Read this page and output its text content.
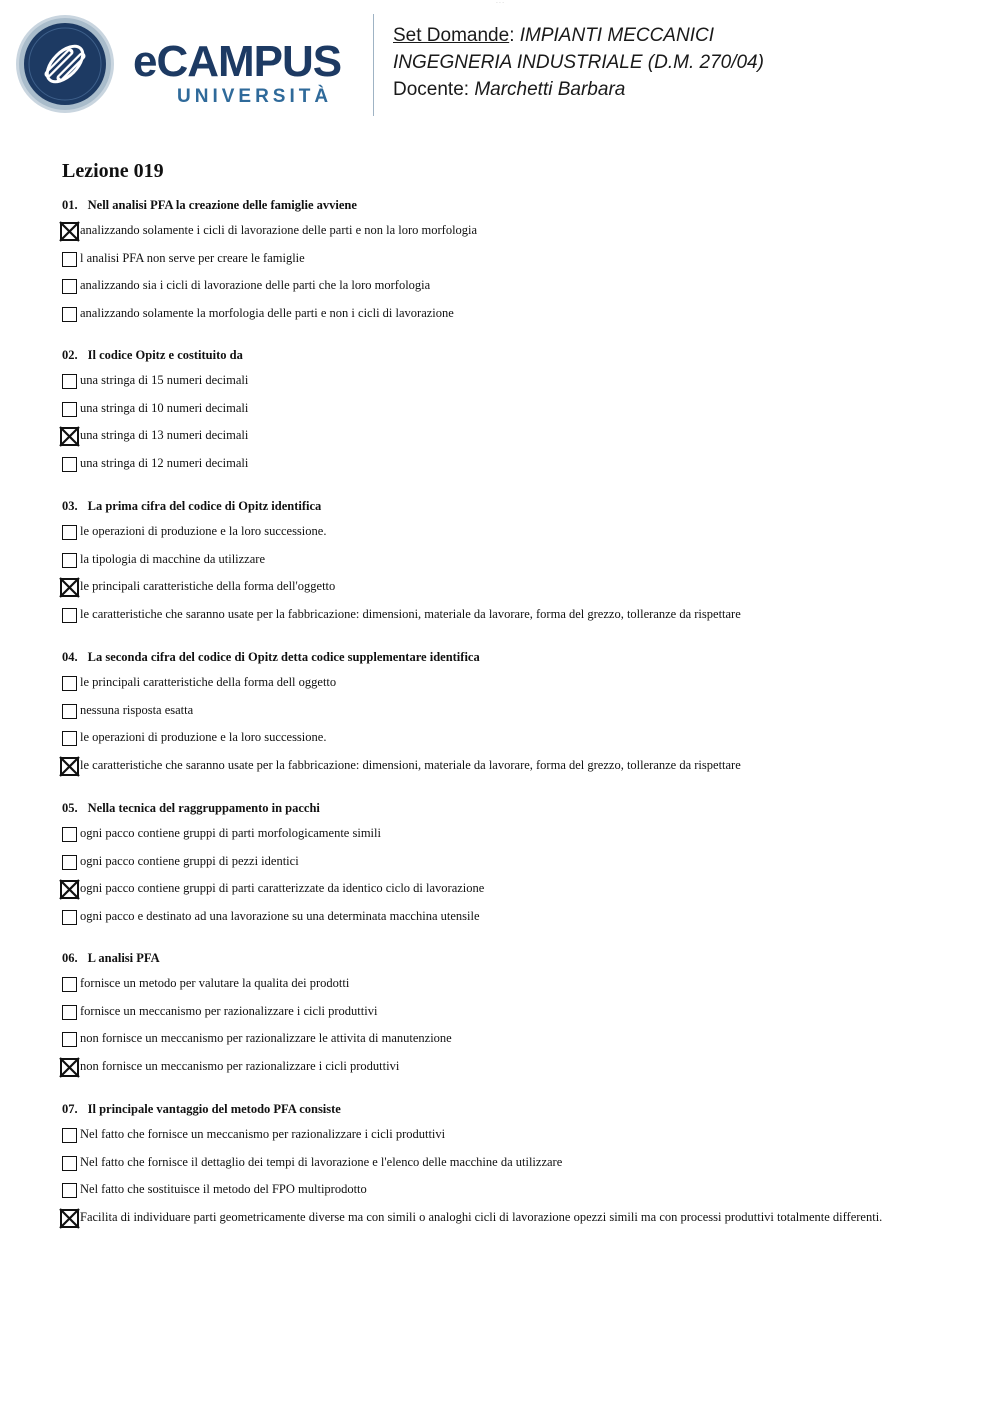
· · ·
eCAMPUS
UNIVERSITÀ
Set Domande: IMPIANTI MECCANICI
INGEGNERIA INDUSTRIALE (D.M. 270/04)
Docente: Marchetti Barbara
Lezione 019
01. Nell analisi PFA la creazione delle famiglie avviene
analizzando solamente i cicli di lavorazione delle parti e non la loro morfologia
l analisi PFA non serve per creare le famiglie
analizzando sia i cicli di lavorazione delle parti che la loro morfologia
analizzando solamente la morfologia delle parti e non i cicli di lavorazione
02. Il codice Opitz e costituito da
una stringa di 15 numeri decimali
una stringa di 10 numeri decimali
una stringa di 13 numeri decimali
una stringa di 12 numeri decimali
03. La prima cifra del codice di Opitz identifica
le operazioni di produzione e la loro successione.
la tipologia di macchine da utilizzare
le principali caratteristiche della forma dell'oggetto
le caratteristiche che saranno usate per la fabbricazione: dimensioni, materiale da lavorare, forma del grezzo, tolleranze da rispettare
04. La seconda cifra del codice di Opitz detta codice supplementare identifica
le principali caratteristiche della forma dell oggetto
nessuna risposta esatta
le operazioni di produzione e la loro successione.
le caratteristiche che saranno usate per la fabbricazione: dimensioni, materiale da lavorare, forma del grezzo, tolleranze da rispettare
05. Nella tecnica del raggruppamento in pacchi
ogni pacco contiene gruppi di parti morfologicamente simili
ogni pacco contiene gruppi di pezzi identici
ogni pacco contiene gruppi di parti caratterizzate da identico ciclo di lavorazione
ogni pacco e destinato ad una lavorazione su una determinata macchina utensile
06. L analisi PFA
fornisce un metodo per valutare la qualita dei prodotti
fornisce un meccanismo per razionalizzare i cicli produttivi
non fornisce un meccanismo per razionalizzare le attivita di manutenzione
non fornisce un meccanismo per razionalizzare i cicli produttivi
07. Il principale vantaggio del metodo PFA consiste
Nel fatto che fornisce un meccanismo per razionalizzare i cicli produttivi
Nel fatto che fornisce il dettaglio dei tempi di lavorazione e l'elenco delle macchine da utilizzare
Nel fatto che sostituisce il metodo del FPO multiprodotto
Facilita di individuare parti geometricamente diverse ma con simili o analoghi cicli di lavorazione opezzi simili ma con processi produttivi totalmente differenti.
